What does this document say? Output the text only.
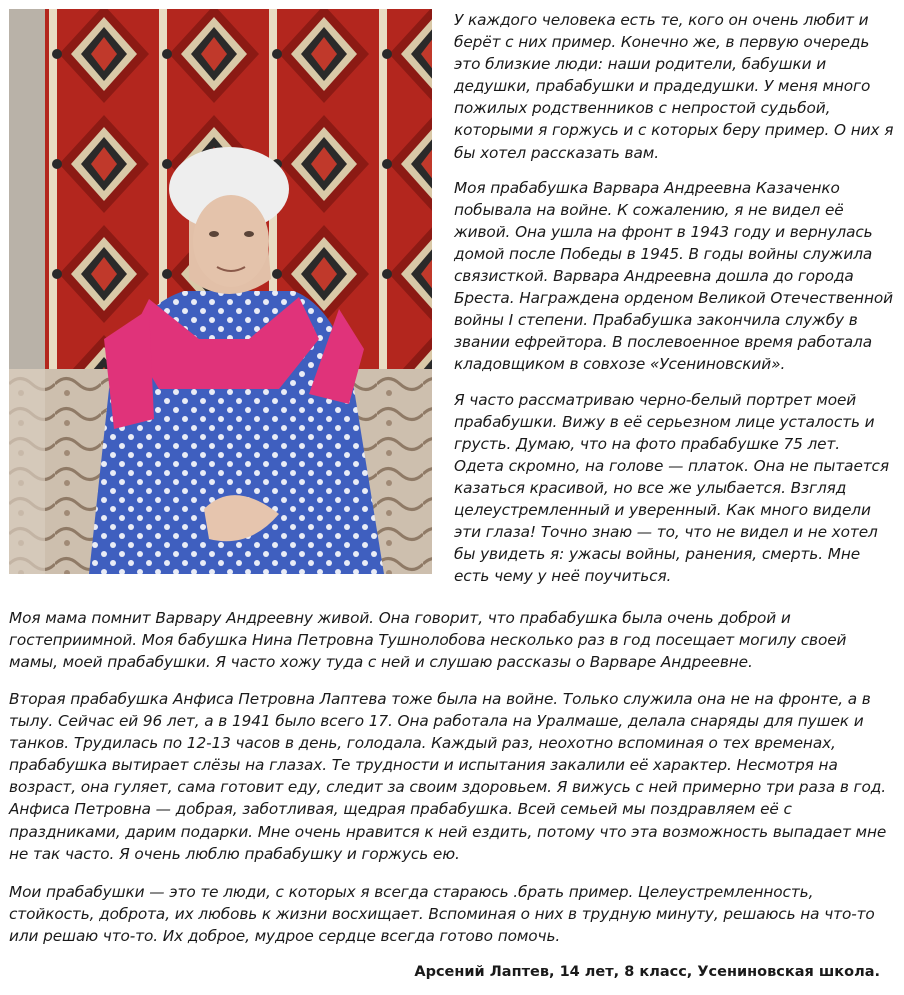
У каждого человека есть те, кого он очень любит и берёт с них пример. Конечно же, в первую очередь это близкие люди: наши родители, бабушки и дедушки, прабабушки и прадедушки. У меня много пожилых родственников с непростой судьбой, которыми я горжусь и с которых беру пример. О них я бы хотел рассказать вам.

Моя прабабушка Варвара Андреевна Казаченко побывала на войне. К сожалению, я не видел её живой. Она ушла на фронт в 1943 году и вернулась домой после Победы в 1945. В годы войны служила связисткой. Варвара Андреевна дошла до города Бреста. Награждена орденом Великой Отечественной войны I степени. Прабабушка закончила службу в звании ефрейтора. В послевоенное время работала кладовщиком в совхозе «Усениновский».

Я часто рассматриваю черно-белый портрет моей прабабушки. Вижу в её серьезном лице усталость и грусть. Думаю, что на фото прабабушке 75 лет. Одета скромно, на голове — платок. Она не пытается казаться красивой, но все же улыбается. Взгляд целеустремленный и уверенный. Как много видели эти глаза! Точно знаю — то, что не видел и не хотел бы увидеть я: ужасы войны, ранения, смерть. Мне есть чему у неё поучиться.

Моя мама помнит Варвару Андреевну живой. Она говорит, что прабабушка была очень доброй и гостеприимной. Моя бабушка Нина Петровна Тушнолобова несколько раз в год посещает могилу своей мамы, моей прабабушки. Я часто хожу туда с ней и слушаю рассказы о Варваре Андреевне.

Вторая прабабушка Анфиса Петровна Лаптева тоже была на войне. Только служила она не на фронте, а в тылу. Сейчас ей 96 лет, а в 1941 было всего 17. Она работала на Уралмаше, делала снаряды для пушек и танков. Трудилась по 12-13 часов в день, голодала. Каждый раз, неохотно вспоминая о тех временах, прабабушка вытирает слёзы на глазах. Те трудности и испытания закалили её характер. Несмотря на возраст, она гуляет, сама готовит еду, следит за своим здоровьем. Я вижусь с ней примерно три раза в год. Анфиса Петровна — добрая, заботливая, щедрая прабабушка. Всей семьей мы поздравляем её с праздниками, дарим подарки. Мне очень нравится к ней ездить, потому что эта возможность выпадает мне не так часто. Я очень люблю прабабушку и горжусь ею.

Мои прабабушки — это те люди, с которых я всегда стараюсь .брать пример. Целеустремленность, стойкость, доброта, их любовь к жизни восхищает. Вспоминая о них в трудную минуту, решаюсь на что-то или решаю что-то. Их доброе, мудрое сердце всегда готово помочь.

Арсений Лаптев, 14 лет, 8 класс, Усениновская школа.
